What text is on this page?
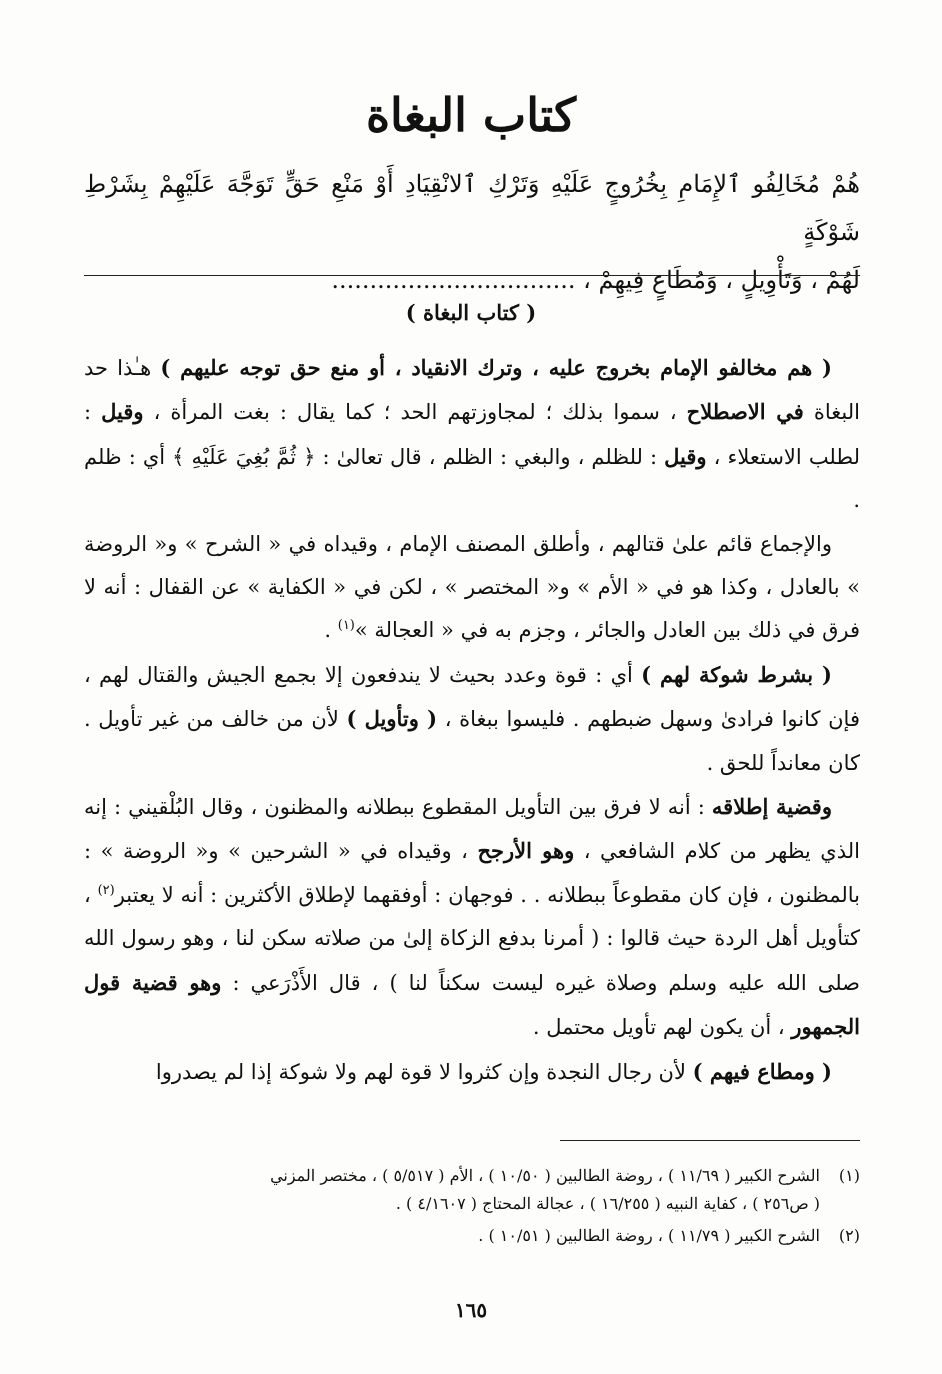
كتاب البغاة
هُمْ مُخَالِفُو ٱلإِمَامِ بِخُرُوجٍ عَلَيْهِ وَتَرْكِ ٱلانْقِيَادِ أَوْ مَنْعِ حَقٍّ تَوَجَّهَ عَلَيْهِمْ بِشَرْطِ شَوْكَةٍ
لَهُمْ ، وَتَأْوِيلٍ ، وَمُطَاعٍ فِيهِمْ ، ................................
( كتاب البغاة )

( هم مخالفو الإمام بخروج عليه ، وترك الانقياد ، أو منع حق توجه عليهم ) هـٰذا حد البغاة في الاصطلاح ، سموا بذلك ؛ لمجاوزتهم الحد ؛ كما يقال : بغت المرأة ، وقيل : لطلب الاستعلاء ، وقيل : للظلم ، والبغي : الظلم ، قال تعالىٰ : ﴿ ثُمَّ بُغِيَ عَلَيْهِ ﴾ أي : ظلم .

والإجماع قائم علىٰ قتالهم ، وأطلق المصنف الإمام ، وقيداه في « الشرح » و« الروضة » بالعادل ، وكذا هو في « الأم » و« المختصر » ، لكن في « الكفاية » عن القفال : أنه لا فرق في ذلك بين العادل والجائر ، وجزم به في « العجالة »$^{(١)}$ .

( بشرط شوكة لهم ) أي : قوة وعدد بحيث لا يندفعون إلا بجمع الجيش والقتال لهم ، فإن كانوا فرادىٰ وسهل ضبطهم . فليسوا ببغاة ، ( وتأويل ) لأن من خالف من غير تأويل . كان معانداً للحق .

وقضية إطلاقه : أنه لا فرق بين التأويل المقطوع ببطلانه والمظنون ، وقال البُلْقيني : إنه الذي يظهر من كلام الشافعي ، وهو الأرجح ، وقيداه في « الشرحين » و« الروضة » : بالمظنون ، فإن كان مقطوعاً ببطلانه . . فوجهان : أوفقهما لإطلاق الأكثرين : أنه لا يعتبر$^{(٢)}$ ، كتأويل أهل الردة حيث قالوا : ( أمرنا بدفع الزكاة إلىٰ من صلاته سكن لنا ، وهو رسول الله صلى الله عليه وسلم وصلاة غيره ليست سكناً لنا ) ، قال الأَذْرَعي : وهو قضية قول الجمهور ، أن يكون لهم تأويل محتمل .

( ومطاع فيهم ) لأن رجال النجدة وإن كثروا لا قوة لهم ولا شوكة إذا لم يصدروا

(١)الشرح الكبير ( ١١/٦٩ ) ، روضة الطالبين ( ١٠/٥٠ ) ، الأم ( ٥/٥١٧ ) ، مختصر المزني
( ص٢٥٦ ) ، كفاية النبيه ( ١٦/٢٥٥ ) ، عجالة المحتاج ( ٤/١٦٠٧ ) .

(٢)الشرح الكبير ( ١١/٧٩ ) ، روضة الطالبين ( ١٠/٥١ ) .

١٦٥
